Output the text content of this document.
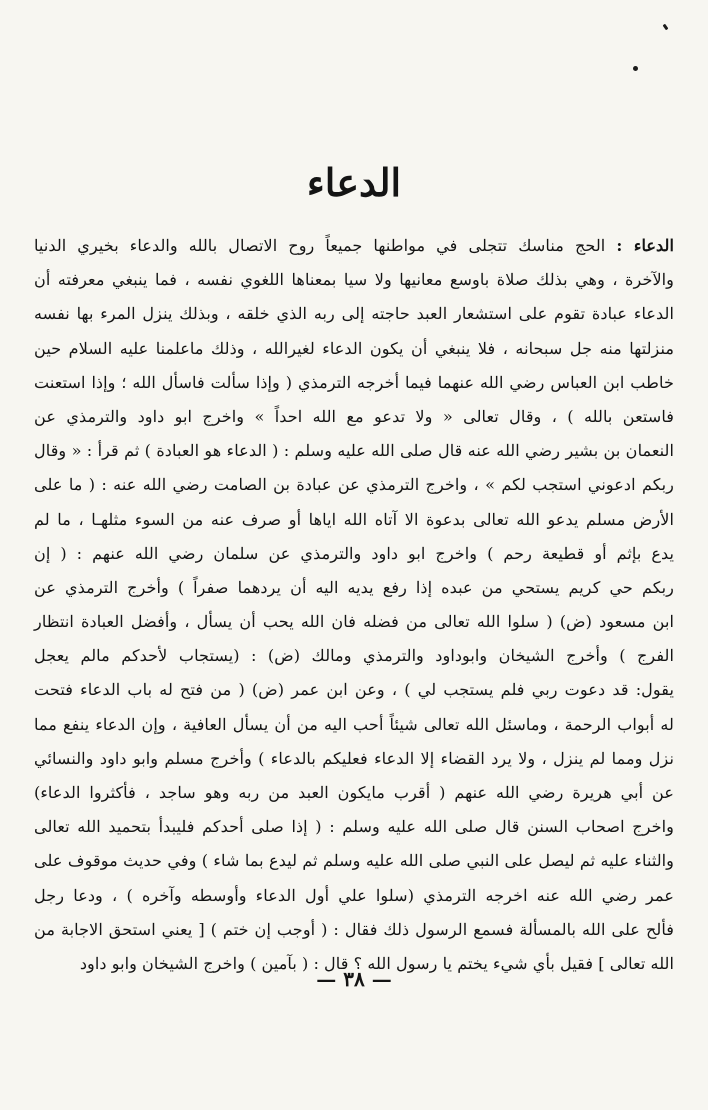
الدعاء
الدعاء : الحج مناسك تتجلى في مواطنها جميعاً روح الاتصال بالله والدعاء بخيري الدنيا
والآخرة ، وهي بذلك صلاة باوسع معانيها ولا سيا بمعناها اللغوي نفسه ، فما ينبغي معرفته أن
الدعاء عبادة تقوم على استشعار العبد حاجته إلى ربه الذي خلقه ، وبذلك ينزل المرء بها نفسه
منزلتها منه جل سبحانه ، فلا ينبغي أن يكون الدعاء لغيرالله ، وذلك ماعلمنا عليه السلام حين
خاطب ابن العباس رضي الله عنهما فيما أخرجه الترمذي ( وإذا سألت فاسأل الله ؛ وإذا استعنت
فاستعن بالله ) ، وقال تعالى « ولا تدعو مع الله احداً » واخرج ابو داود والترمذي عن
النعمان بن بشير رضي الله عنه قال صلى الله عليه وسلم : ( الدعاء هو العبادة ) ثم قرأ : « وقال
ربكم ادعوني استجب لكم » ، واخرج الترمذي عن عبادة بن الصامت رضي الله عنه : ( ما على
الأرض مسلم يدعو الله تعالى بدعوة الا آتاه الله اياها أو صرف عنه من السوء مثلهـا ، ما لم
يدع بإثم أو قطيعة رحم ) واخرج ابو داود والترمذي عن سلمان رضي الله عنهم : ( إن
ربكم حي كريم يستحي من عبده إذا رفع يديه اليه أن يردهما صفراً ) وأخرج الترمذي عن
ابن مسعود (ض) ( سلوا الله تعالى من فضله فان الله يحب أن يسأل ، وأفضل العبادة انتظار
الفرج ) وأخرج الشيخان وابوداود والترمذي ومالك (ض) : (يستجاب لأحدكم مالم يعجل
يقول: قد دعوت ربي فلم يستجب لي ) ، وعن ابن عمر (ض) ( من فتح له باب الدعاء فتحت
له أبواب الرحمة ، وماسئل الله تعالى شيئاً أحب اليه من أن يسأل العافية ، وإن الدعاء ينفع مما
نزل ومما لم ينزل ، ولا يرد القضاء إلا الدعاء فعليكم بالدعاء ) وأخرج مسلم وابو داود والنسائي
عن أبي هريرة رضي الله عنهم ( أقرب مايكون العبد من ربه وهو ساجد ، فأكثروا الدعاء)
واخرج اصحاب السنن قال صلى الله عليه وسلم : ( إذا صلى أحدكم فليبدأ بتحميد الله تعالى
والثناء عليه ثم ليصل على النبي صلى الله عليه وسلم ثم ليدع بما شاء ) وفي حديث موقوف على
عمر رضي الله عنه اخرجه الترمذي (سلوا علي أول الدعاء وأوسطه وآخره ) ، ودعا رجل
فألح على الله بالمسألة فسمع الرسول ذلك فقال : ( أوجب إن ختم ) [ يعني استحق الاجابة من
الله تعالى ] فقيل بأي شيء يختم يا رسول الله ؟ قال : ( بآمين ) واخرج الشيخان وابو داود
— ٣٨ —
